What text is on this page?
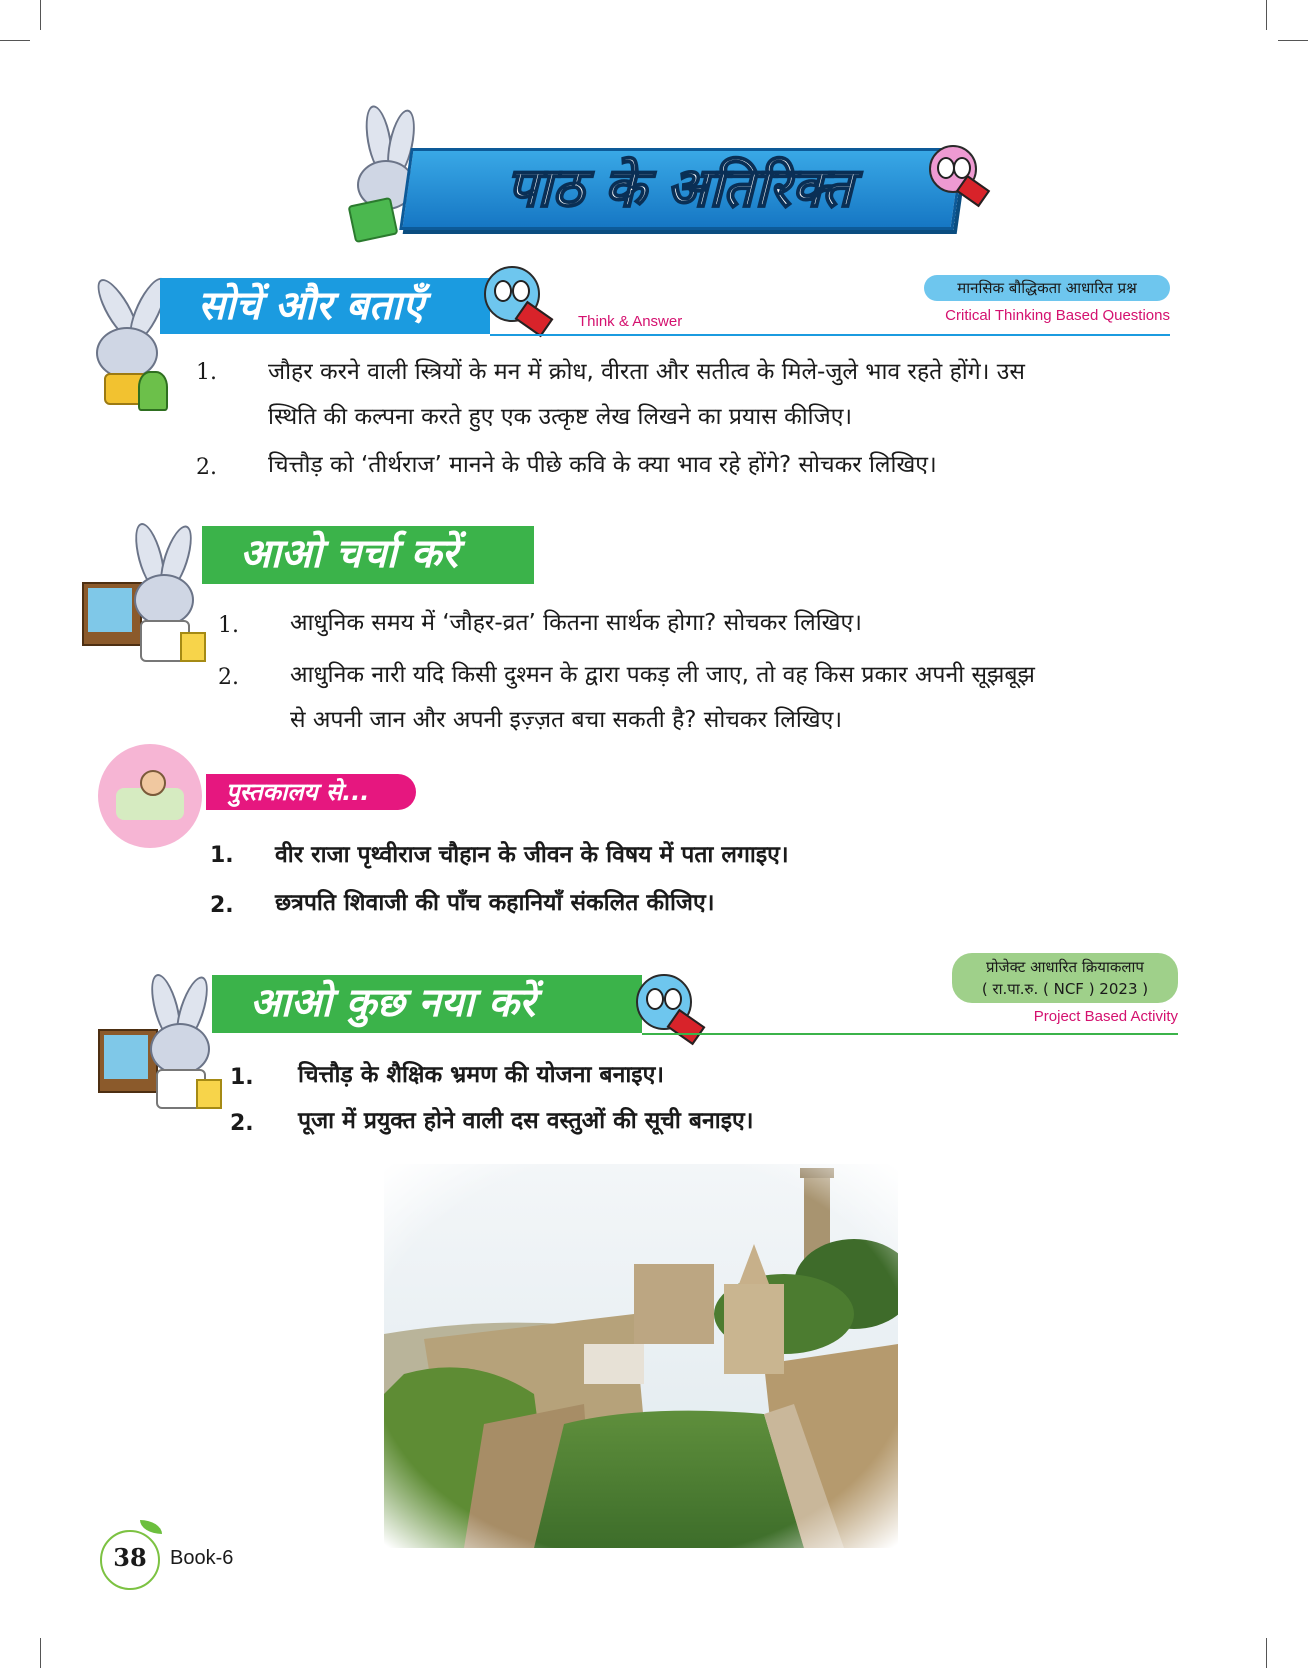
पाठ के अतिरिक्त
सोचें और बताएँ	Think & Answer
मानसिक बौद्धिकता आधारित प्रश्न
Critical Thinking Based Questions
1. जौहर करने वाली स्त्रियों के मन में क्रोध, वीरता और सतीत्व के मिले-जुले भाव रहते होंगे। उस
स्थिति की कल्पना करते हुए एक उत्कृष्ट लेख लिखने का प्रयास कीजिए।
2. चित्तौड़ को ‘तीर्थराज’ मानने के पीछे कवि के क्या भाव रहे होंगे? सोचकर लिखिए।
आओ चर्चा करें
1. आधुनिक समय में ‘जौहर-व्रत’ कितना सार्थक होगा? सोचकर लिखिए।
2. आधुनिक नारी यदि किसी दुश्मन के द्वारा पकड़ ली जाए, तो वह किस प्रकार अपनी सूझबूझ
से अपनी जान और अपनी इज़्ज़त बचा सकती है? सोचकर लिखिए।
पुस्तकालय से...
1. वीर राजा पृथ्वीराज चौहान के जीवन के विषय में पता लगाइए।
2. छत्रपति शिवाजी की पाँच कहानियाँ संकलित कीजिए।
आओ कुछ नया करें
प्रोजेक्ट आधारित क्रियाकलाप
( रा.पा.रु. ( NCF ) 2023 )
Project Based Activity
1. चित्तौड़ के शैक्षिक भ्रमण की योजना बनाइए।
2. पूजा में प्रयुक्त होने वाली दस वस्तुओं की सूची बनाइए।
38	Book-6
